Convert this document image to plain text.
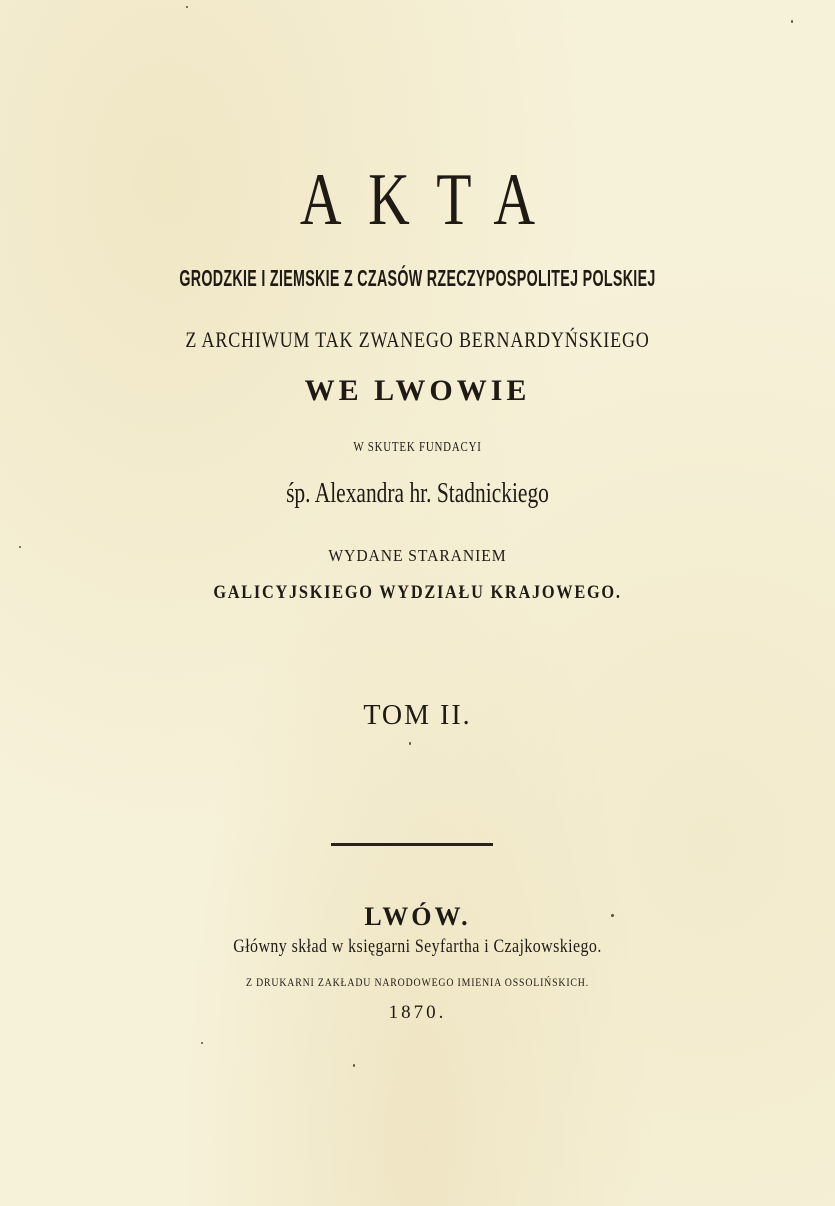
AKTA
GRODZKIE I ZIEMSKIE Z CZASÓW RZECZYPOSPOLITEJ POLSKIEJ
Z ARCHIWUM TAK ZWANEGO BERNARDYŃSKIEGO
WE LWOWIE
W SKUTEK FUNDACYI
śp. Alexandra hr. Stadnickiego
WYDANE STARANIEM
GALICYJSKIEGO WYDZIAŁU KRAJOWEGO.
TOM II.
LWÓW.
Główny skład w księgarni Seyfartha i Czajkowskiego.
Z DRUKARNI ZAKŁADU NARODOWEGO IMIENIA OSSOLIŃSKICH.
1870.
